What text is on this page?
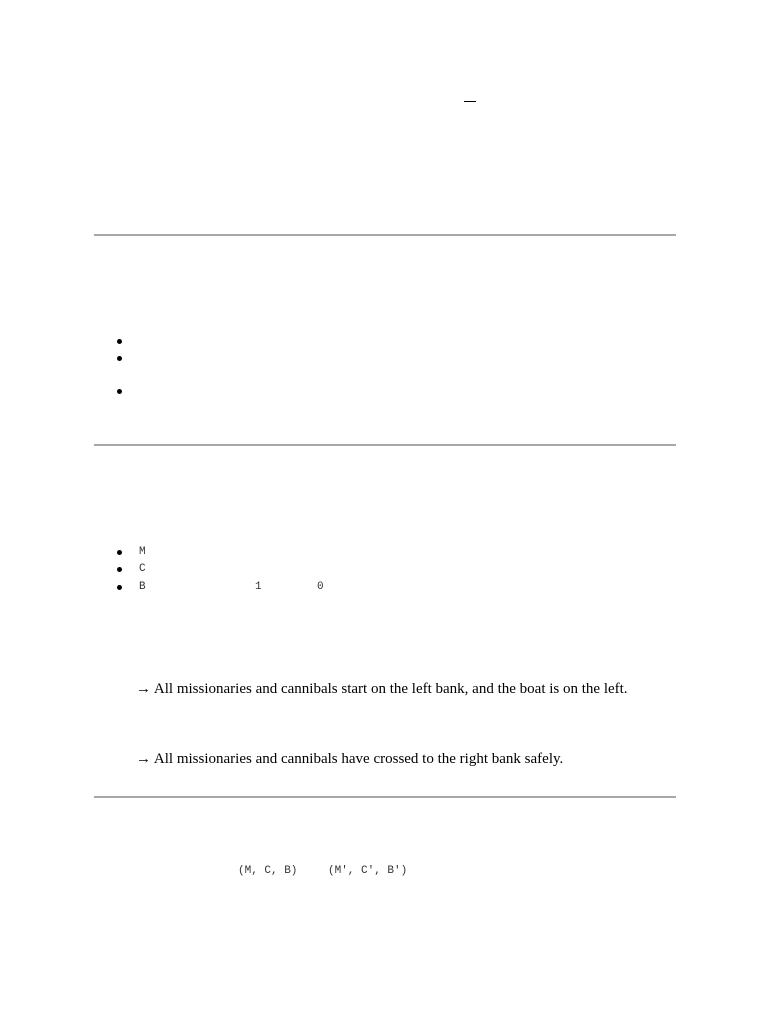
M
C
B	1	0
→ All missionaries and cannibals start on the left bank, and the boat is on the left.
→ All missionaries and cannibals have crossed to the right bank safely.
(M, C, B)	(M', C', B')
